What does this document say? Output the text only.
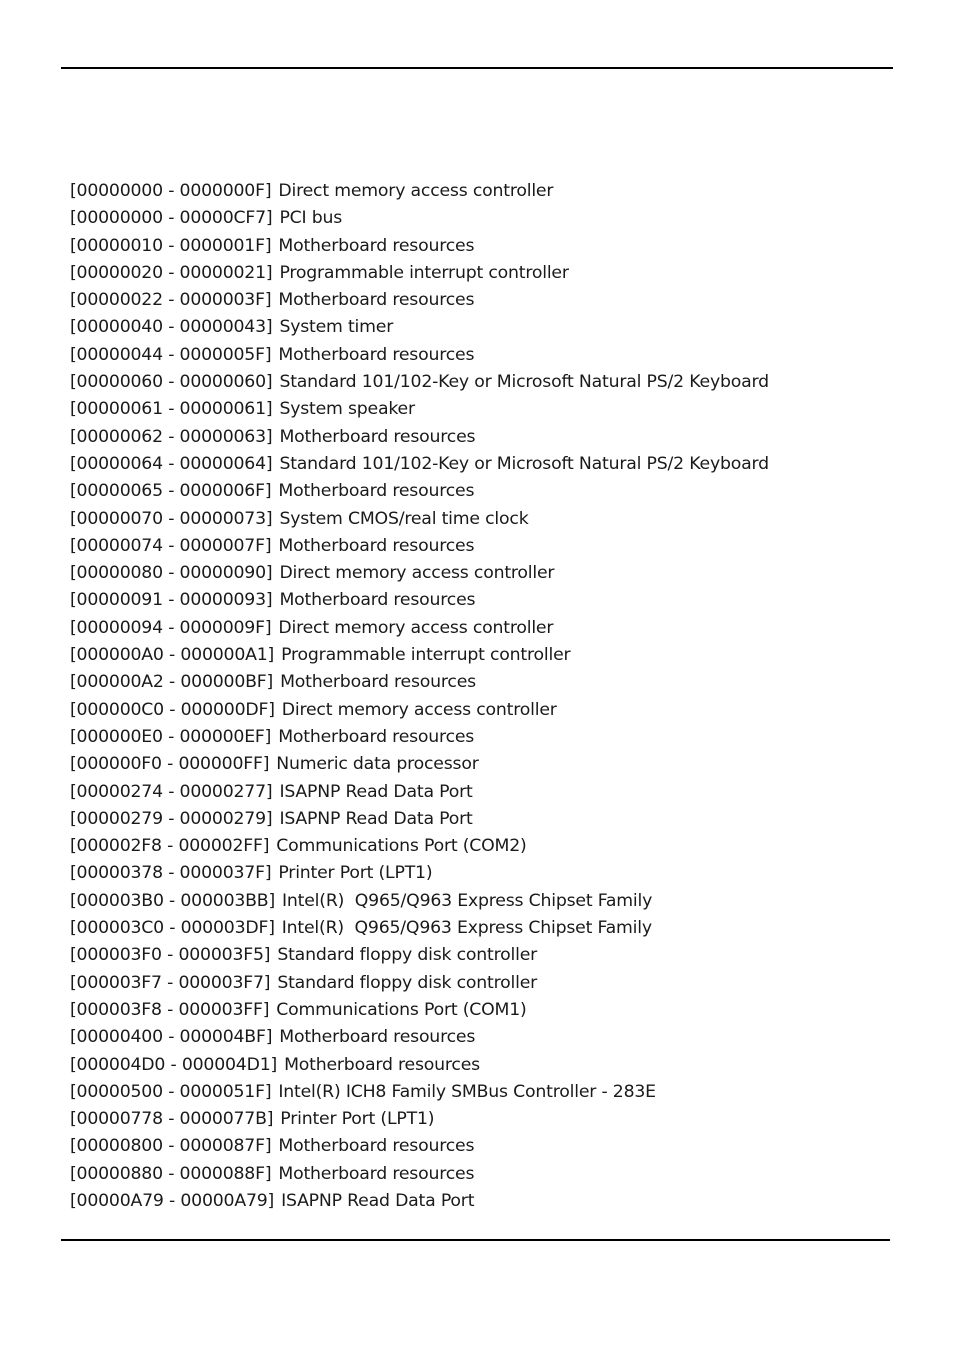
[00000000 - 0000000F] Direct memory access controller
[00000000 - 00000CF7] PCI bus
[00000010 - 0000001F] Motherboard resources
[00000020 - 00000021] Programmable interrupt controller
[00000022 - 0000003F] Motherboard resources
[00000040 - 00000043] System timer
[00000044 - 0000005F] Motherboard resources
[00000060 - 00000060] Standard 101/102-Key or Microsoft Natural PS/2 Keyboard
[00000061 - 00000061] System speaker
[00000062 - 00000063] Motherboard resources
[00000064 - 00000064] Standard 101/102-Key or Microsoft Natural PS/2 Keyboard
[00000065 - 0000006F] Motherboard resources
[00000070 - 00000073] System CMOS/real time clock
[00000074 - 0000007F] Motherboard resources
[00000080 - 00000090] Direct memory access controller
[00000091 - 00000093] Motherboard resources
[00000094 - 0000009F] Direct memory access controller
[000000A0 - 000000A1] Programmable interrupt controller
[000000A2 - 000000BF] Motherboard resources
[000000C0 - 000000DF] Direct memory access controller
[000000E0 - 000000EF] Motherboard resources
[000000F0 - 000000FF] Numeric data processor
[00000274 - 00000277] ISAPNP Read Data Port
[00000279 - 00000279] ISAPNP Read Data Port
[000002F8 - 000002FF] Communications Port (COM2)
[00000378 - 0000037F] Printer Port (LPT1)
[000003B0 - 000003BB] Intel(R)  Q965/Q963 Express Chipset Family
[000003C0 - 000003DF] Intel(R)  Q965/Q963 Express Chipset Family
[000003F0 - 000003F5] Standard floppy disk controller
[000003F7 - 000003F7] Standard floppy disk controller
[000003F8 - 000003FF] Communications Port (COM1)
[00000400 - 000004BF] Motherboard resources
[000004D0 - 000004D1] Motherboard resources
[00000500 - 0000051F] Intel(R) ICH8 Family SMBus Controller - 283E
[00000778 - 0000077B] Printer Port (LPT1)
[00000800 - 0000087F] Motherboard resources
[00000880 - 0000088F] Motherboard resources
[00000A79 - 00000A79] ISAPNP Read Data Port
